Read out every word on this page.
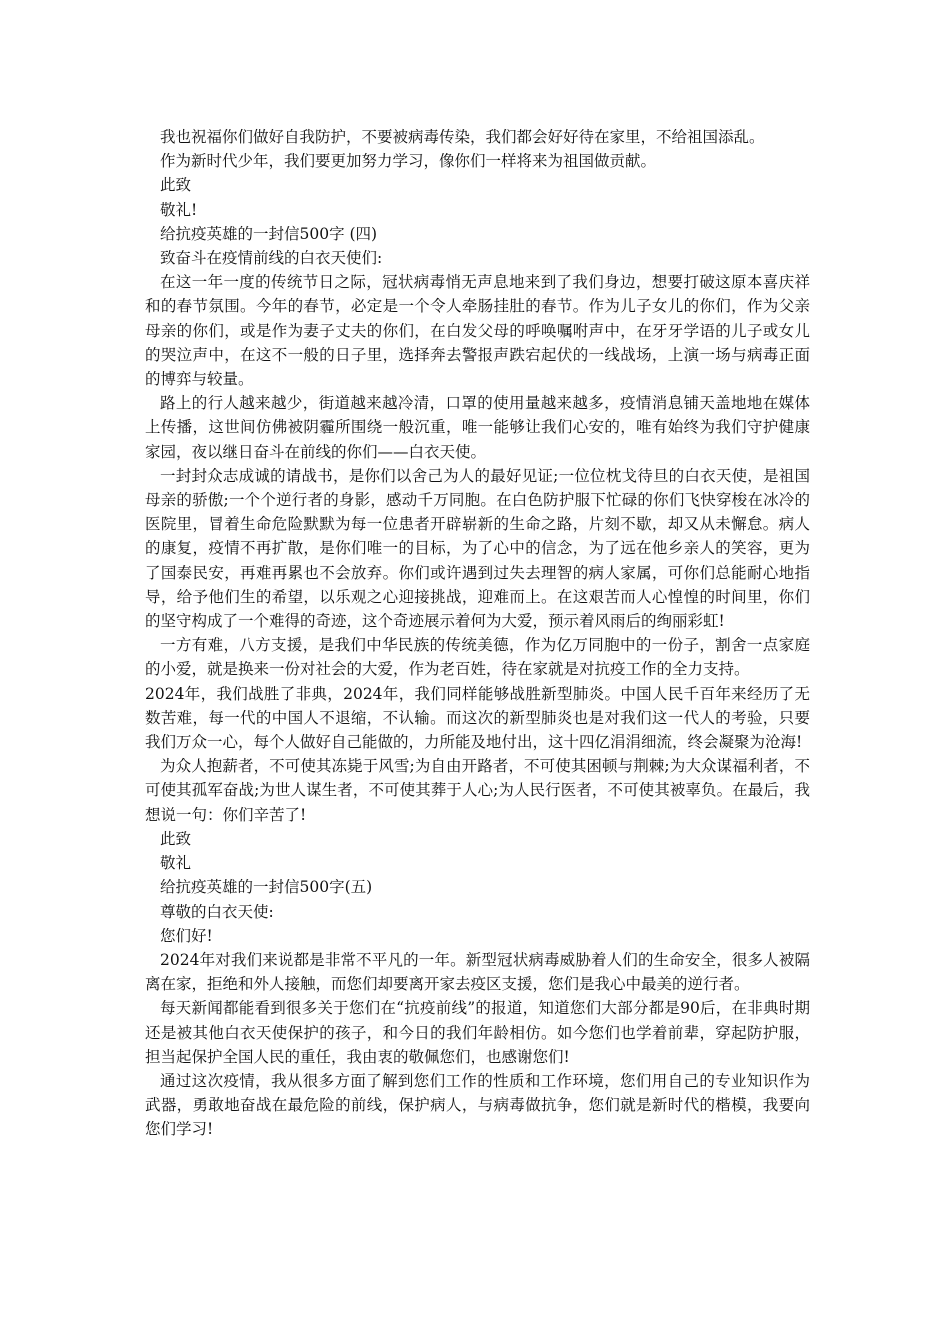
我也祝福你们做好自我防护，不要被病毒传染，我们都会好好待在家里，不给祖国添乱。

作为新时代少年，我们要更加努力学习，像你们一样将来为祖国做贡献。

此致

敬礼!

给抗疫英雄的一封信500字 (四)

致奋斗在疫情前线的白衣天使们:

在这一年一度的传统节日之际，冠状病毒悄无声息地来到了我们身边，想要打破这原本喜庆祥和的春节氛围。今年的春节，必定是一个令人牵肠挂肚的春节。作为儿子女儿的你们，作为父亲母亲的你们，或是作为妻子丈夫的你们，在白发父母的呼唤嘱咐声中，在牙牙学语的儿子或女儿的哭泣声中，在这不一般的日子里，选择奔去警报声跌宕起伏的一线战场，上演一场与病毒正面的博弈与较量。

路上的行人越来越少，街道越来越冷清，口罩的使用量越来越多，疫情消息铺天盖地地在媒体上传播，这世间仿佛被阴霾所围绕一般沉重，唯一能够让我们心安的，唯有始终为我们守护健康家园，夜以继日奋斗在前线的你们——白衣天使。

一封封众志成诚的请战书，是你们以舍己为人的最好见证;一位位枕戈待旦的白衣天使，是祖国母亲的骄傲;一个个逆行者的身影，感动千万同胞。在白色防护服下忙碌的你们飞快穿梭在冰冷的医院里，冒着生命危险默默为每一位患者开辟崭新的生命之路，片刻不歇，却又从未懈怠。病人的康复，疫情不再扩散，是你们唯一的目标，为了心中的信念，为了远在他乡亲人的笑容，更为了国泰民安，再难再累也不会放弃。你们或许遇到过失去理智的病人家属，可你们总能耐心地指导，给予他们生的希望，以乐观之心迎接挑战，迎难而上。在这艰苦而人心惶惶的时间里，你们的坚守构成了一个难得的奇迹，这个奇迹展示着何为大爱，预示着风雨后的绚丽彩虹!

一方有难，八方支援，是我们中华民族的传统美德，作为亿万同胞中的一份子，割舍一点家庭的小爱，就是换来一份对社会的大爱，作为老百姓，待在家就是对抗疫工作的全力支持。

2024年，我们战胜了非典，2024年，我们同样能够战胜新型肺炎。中国人民千百年来经历了无数苦难，每一代的中国人不退缩，不认输。而这次的新型肺炎也是对我们这一代人的考验，只要我们万众一心，每个人做好自己能做的，力所能及地付出，这十四亿涓涓细流，终会凝聚为沧海!

为众人抱薪者，不可使其冻毙于风雪;为自由开路者，不可使其困顿与荆棘;为大众谋福利者，不可使其孤军奋战;为世人谋生者，不可使其葬于人心;为人民行医者，不可使其被辜负。在最后，我想说一句：你们辛苦了!

此致

敬礼

给抗疫英雄的一封信500字(五)

尊敬的白衣天使:

您们好!

2024年对我们来说都是非常不平凡的一年。新型冠状病毒威胁着人们的生命安全，很多人被隔离在家，拒绝和外人接触，而您们却要离开家去疫区支援，您们是我心中最美的逆行者。

每天新闻都能看到很多关于您们在“抗疫前线”的报道，知道您们大部分都是90后，在非典时期还是被其他白衣天使保护的孩子，和今日的我们年龄相仿。如今您们也学着前辈，穿起防护服，担当起保护全国人民的重任，我由衷的敬佩您们，也感谢您们!

通过这次疫情，我从很多方面了解到您们工作的性质和工作环境，您们用自己的专业知识作为武器，勇敢地奋战在最危险的前线，保护病人，与病毒做抗争，您们就是新时代的楷模，我要向您们学习!
